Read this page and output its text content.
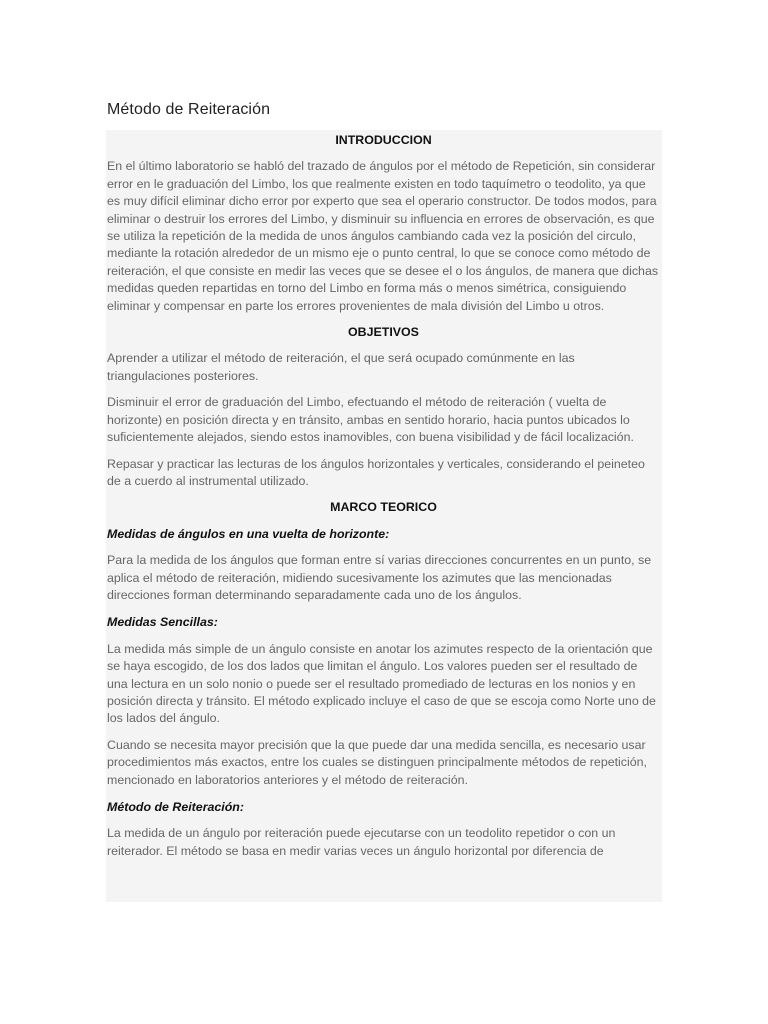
Método de Reiteración
INTRODUCCION

En el último laboratorio se habló del trazado de ángulos por el método de Repetición, sin considerar error en le graduación del Limbo, los que realmente existen en todo taquímetro o teodolito, ya que es muy difícil eliminar dicho error por experto que sea el operario constructor. De todos modos, para eliminar o destruir los errores del Limbo, y disminuir su influencia en errores de observación, es que se utiliza la repetición de la medida de unos ángulos cambiando cada vez la posición del circulo, mediante la rotación alrededor de un mismo eje o punto central, lo que se conoce como método de reiteración, el que consiste en medir las veces que se desee el o los ángulos, de manera que dichas medidas queden repartidas en torno del Limbo en forma más o menos simétrica, consiguiendo eliminar y compensar en parte los errores provenientes de mala división del Limbo u otros.

OBJETIVOS

Aprender a utilizar el método de reiteración, el que será ocupado comúnmente en las triangulaciones posteriores.

Disminuir el error de graduación del Limbo, efectuando el método de reiteración ( vuelta de horizonte) en posición directa y en tránsito, ambas en sentido horario, hacia puntos ubicados lo suficientemente alejados, siendo estos inamovibles, con buena visibilidad y de fácil localización.

Repasar y practicar las lecturas de los ángulos horizontales y verticales, considerando el peineteo de a cuerdo al instrumental utilizado.

MARCO TEORICO
Medidas de ángulos en una vuelta de horizonte:

Para la medida de los ángulos que forman entre sí varias direcciones concurrentes en un punto, se aplica el método de reiteración, midiendo sucesivamente los azimutes que las mencionadas direcciones forman determinando separadamente cada uno de los ángulos.

Medidas Sencillas:

La medida más simple de un ángulo consiste en anotar los azimutes respecto de la orientación que se haya escogido, de los dos lados que limitan el ángulo. Los valores pueden ser el resultado de una lectura en un solo nonio o puede ser el resultado promediado de lecturas en los nonios y en posición directa y tránsito. El método explicado incluye el caso de que se escoja como Norte uno de los lados del ángulo.

Cuando se necesita mayor precisión que la que puede dar una medida sencilla, es necesario usar procedimientos más exactos, entre los cuales se distinguen principalmente métodos de repetición, mencionado en laboratorios anteriores y el método de reiteración.

Método de Reiteración:

La medida de un ángulo por reiteración puede ejecutarse con un teodolito repetidor o con un reiterador. El método se basa en medir varias veces un ángulo horizontal por diferencia de
